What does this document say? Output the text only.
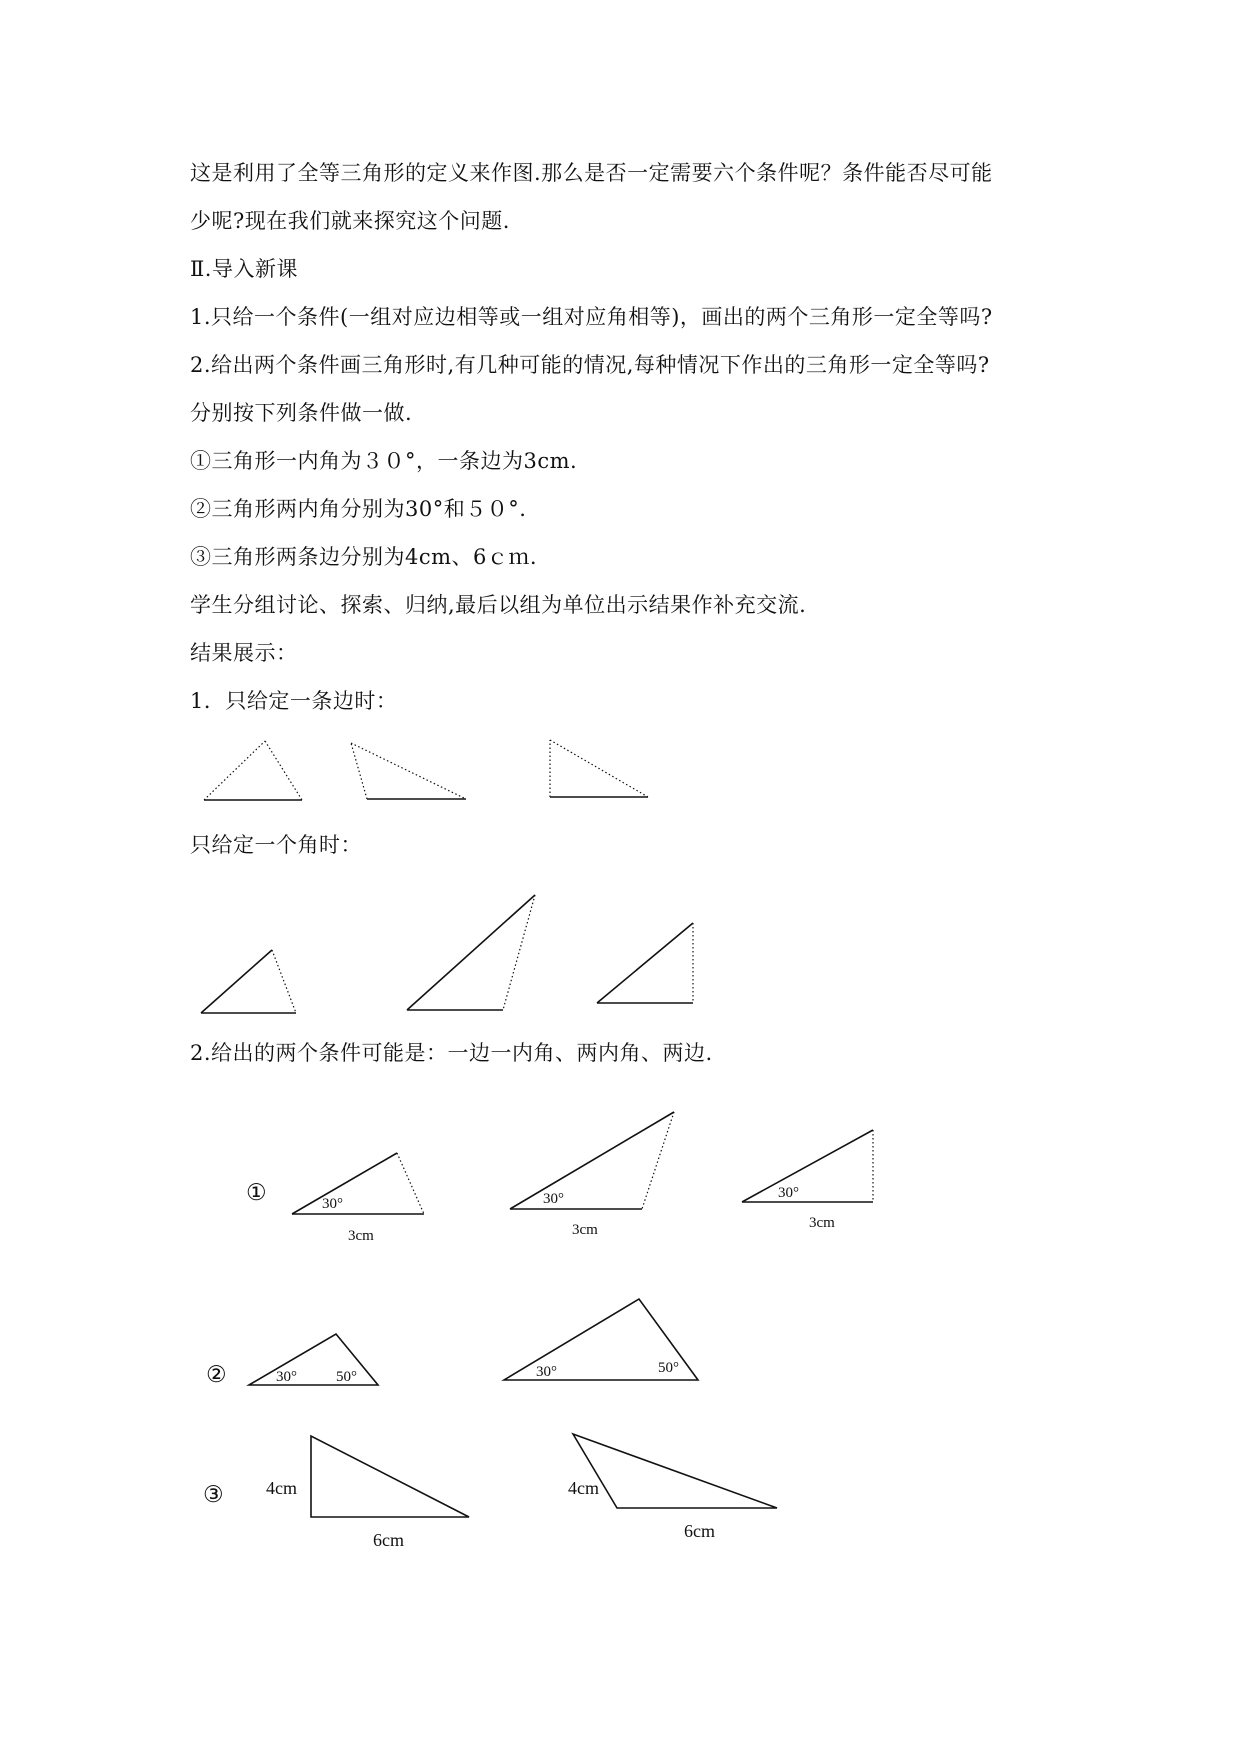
这是利用了全等三角形的定义来作图.那么是否一定需要六个条件呢？条件能否尽可能
少呢?现在我们就来探究这个问题.
Ⅱ.导入新课
1.只给一个条件(一组对应边相等或一组对应角相等)，画出的两个三角形一定全等吗?
2.给出两个条件画三角形时,有几种可能的情况,每种情况下作出的三角形一定全等吗?
分别按下列条件做一做.
①三角形一内角为３０°，一条边为3cm.
②三角形两内角分别为30°和５０°.
③三角形两条边分别为4cm、6ｃｍ.
学生分组讨论、探索、归纳,最后以组为单位出示结果作补充交流.
结果展示：
1．只给定一条边时：
只给定一个角时：
2.给出的两个条件可能是：一边一内角、两内角、两边.
①	30°
3cm
30°
3cm
30°
3cm
②	30°	50°	30°	50°
③ 4cm
6cm
4cm
6cm
